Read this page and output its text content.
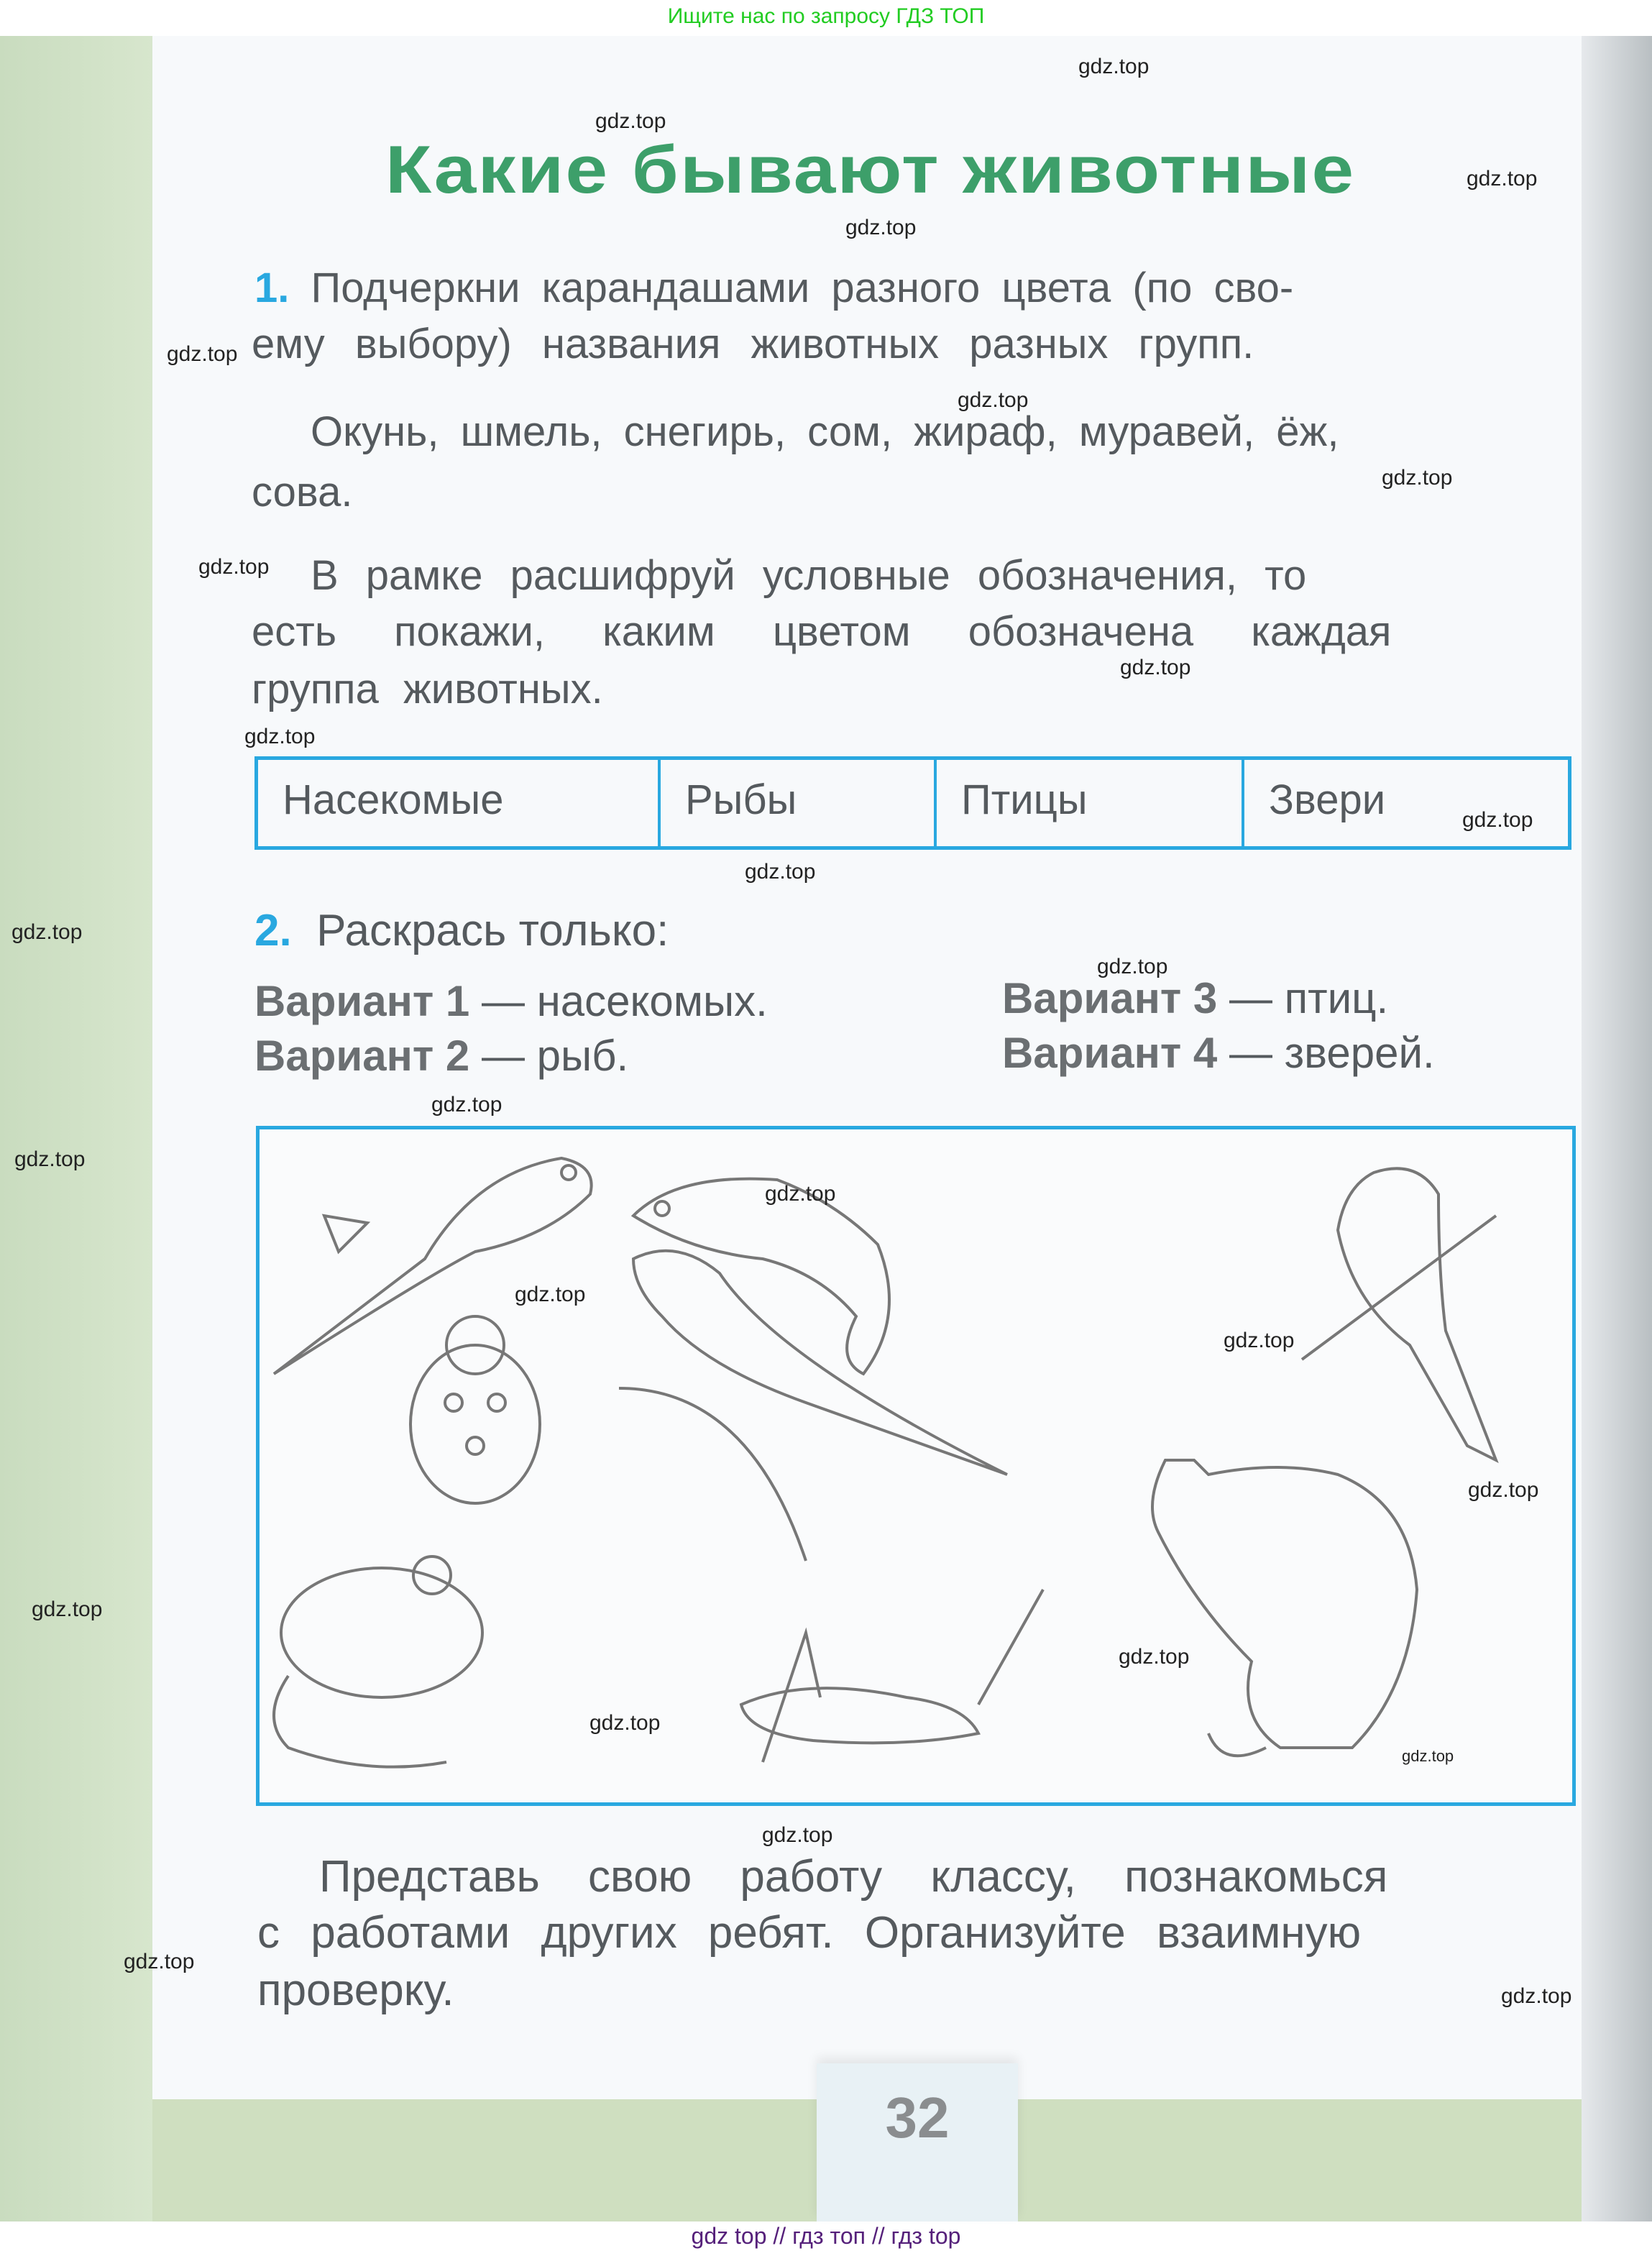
Ищите нас по запросу ГДЗ ТОП
32
Какие бывают животные
1. Подчеркни карандашами разного цвета (по сво-
ему выбору) названия животных разных групп.
Окунь, шмель, снегирь, сом, жираф, муравей, ёж,
сова.
В рамке расшифруй условные обозначения, то
есть покажи, каким цветом обозначена каждая
группа животных.
Насекомые	Рыбы	Птицы	Звери
2. Раскрась только:
Вариант 1 — насекомых.
Вариант 2 — рыб.
Вариант 3 — птиц.
Вариант 4 — зверей.
Представь свою работу классу, познакомься
с работами других ребят. Организуйте взаимную
проверку.
gdz.top
gdz.top
gdz.top
gdz.top
gdz.top
gdz.top
gdz.top
gdz.top
gdz.top
gdz.top
gdz.top
gdz.top
gdz.top
gdz.top
gdz.top
gdz.top
gdz.top
gdz.top
gdz.top
gdz.top
gdz.top
gdz.top
gdz.top
gdz.top
gdz.top
gdz.top
gdz.top
gdz top // гдз топ // гдз top
